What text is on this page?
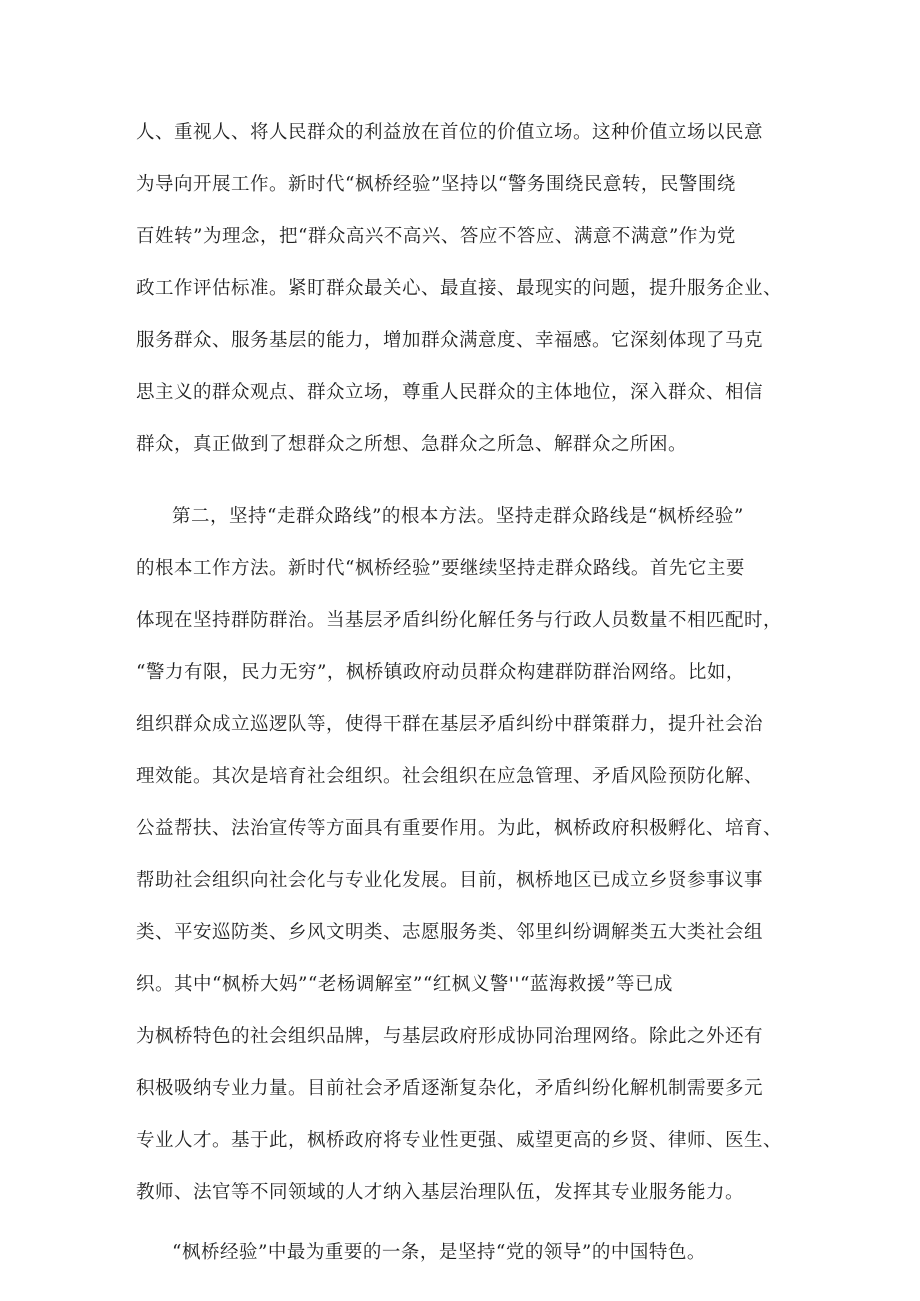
人、重视人、将人民群众的利益放在首位的价值立场。这种价值立场以民意

为导向开展工作。新时代“枫桥经验”坚持以“警务围绕民意转，民警围绕

百姓转”为理念，把“群众高兴不高兴、答应不答应、满意不满意”作为党

政工作评估标准。紧盯群众最关心、最直接、最现实的问题，提升服务企业、

服务群众、服务基层的能力，增加群众满意度、幸福感。它深刻体现了马克

思主义的群众观点、群众立场，尊重人民群众的主体地位，深入群众、相信

群众，真正做到了想群众之所想、急群众之所急、解群众之所困。

第二，坚持“走群众路线”的根本方法。坚持走群众路线是“枫桥经验”

的根本工作方法。新时代“枫桥经验”要继续坚持走群众路线。首先它主要

体现在坚持群防群治。当基层矛盾纠纷化解任务与行政人员数量不相匹配时，

“警力有限，民力无穷”，枫桥镇政府动员群众构建群防群治网络。比如，

组织群众成立巡逻队等，使得干群在基层矛盾纠纷中群策群力，提升社会治

理效能。其次是培育社会组织。社会组织在应急管理、矛盾风险预防化解、

公益帮扶、法治宣传等方面具有重要作用。为此，枫桥政府积极孵化、培育、

帮助社会组织向社会化与专业化发展。目前，枫桥地区已成立乡贤参事议事

类、平安巡防类、乡风文明类、志愿服务类、邻里纠纷调解类五大类社会组

织。其中“枫桥大妈”“老杨调解室”“红枫义警''“蓝海救援”等已成

为枫桥特色的社会组织品牌，与基层政府形成协同治理网络。除此之外还有

积极吸纳专业力量。目前社会矛盾逐渐复杂化，矛盾纠纷化解机制需要多元

专业人才。基于此，枫桥政府将专业性更强、威望更高的乡贤、律师、医生、

教师、法官等不同领域的人才纳入基层治理队伍，发挥其专业服务能力。

“枫桥经验”中最为重要的一条，是坚持“党的领导”的中国特色。
